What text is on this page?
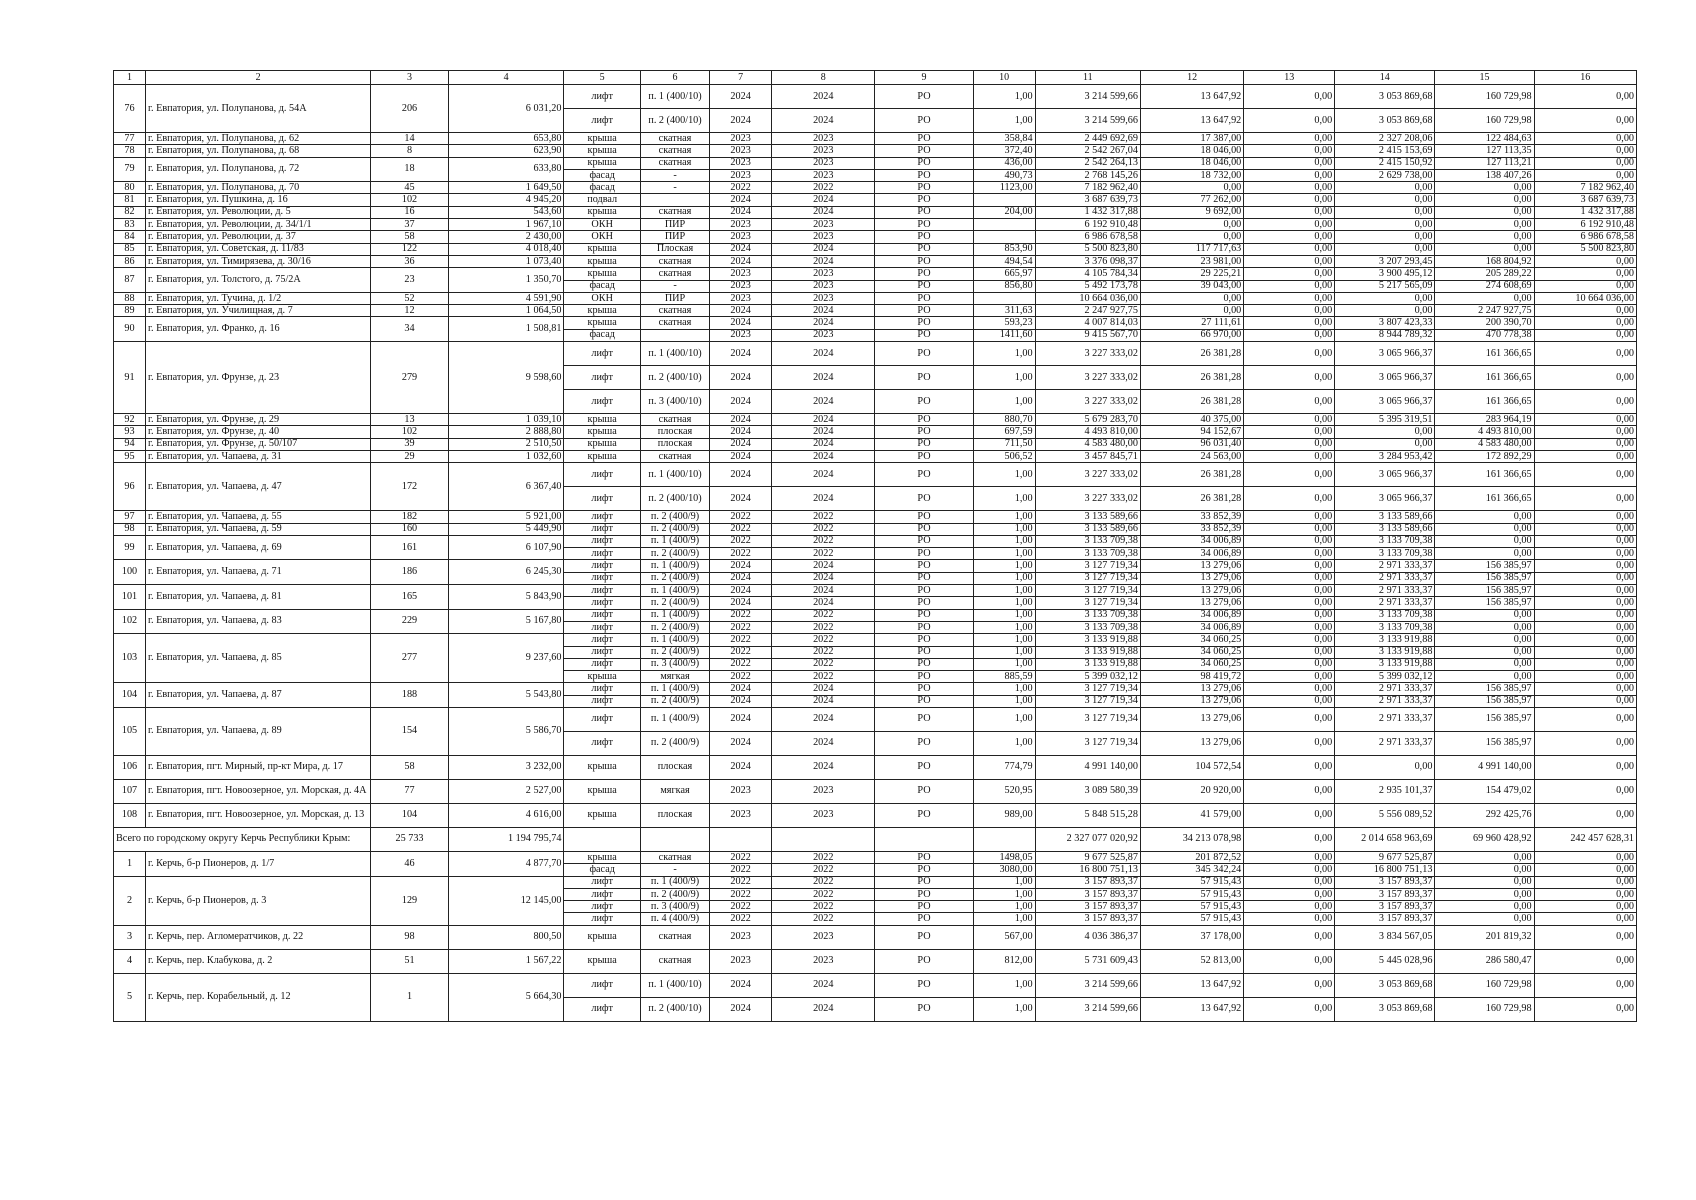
1	2	3	4	5	6	7	8	9	10	11	12	13	14	15	16
76	г. Евпатория, ул. Полупанова, д. 54А	206	6 031,20	лифт	п. 1 (400/10)	2024	2024	РО	1,00	3 214 599,66	13 647,92	0,00	3 053 869,68	160 729,98	0,00
				лифт	п. 2 (400/10)	2024	2024	РО	1,00	3 214 599,66	13 647,92	0,00	3 053 869,68	160 729,98	0,00
77	г. Евпатория, ул. Полупанова, д. 62	14	653,80	крыша	скатная	2023	2023	РО	358,84	2 449 692,69	17 387,00	0,00	2 327 208,06	122 484,63	0,00
78	г. Евпатория, ул. Полупанова, д. 68	8	623,90	крыша	скатная	2023	2023	РО	372,40	2 542 267,04	18 046,00	0,00	2 415 153,69	127 113,35	0,00
79	г. Евпатория, ул. Полупанова, д. 72	18	633,80	крыша	скатная	2023	2023	РО	436,00	2 542 264,13	18 046,00	0,00	2 415 150,92	127 113,21	0,00
				фасад	-	2023	2023	РО	490,73	2 768 145,26	18 732,00	0,00	2 629 738,00	138 407,26	0,00
80	г. Евпатория, ул. Полупанова, д. 70	45	1 649,50	фасад	-	2022	2022	РО	1123,00	7 182 962,40	0,00	0,00	0,00	0,00	7 182 962,40
81	г. Евпатория, ул. Пушкина, д. 16	102	4 945,20	подвал		2024	2024	РО		3 687 639,73	77 262,00	0,00	0,00	0,00	3 687 639,73
82	г. Евпатория, ул. Революции, д. 5	16	543,60	крыша	скатная	2024	2024	РО	204,00	1 432 317,88	9 692,00	0,00	0,00	0,00	1 432 317,88
83	г. Евпатория, ул. Революции, д. 34/1/1	37	1 967,10	ОКН	ПИР	2023	2023	РО		6 192 910,48	0,00	0,00	0,00	0,00	6 192 910,48
84	г. Евпатория, ул. Революции, д. 37	58	2 430,00	ОКН	ПИР	2023	2023	РО		6 986 678,58	0,00	0,00	0,00	0,00	6 986 678,58
85	г. Евпатория, ул. Советская, д. 11/83	122	4 018,40	крыша	Плоская	2024	2024	РО	853,90	5 500 823,80	117 717,63	0,00	0,00	0,00	5 500 823,80
86	г. Евпатория, ул. Тимирязева, д. 30/16	36	1 073,40	крыша	скатная	2024	2024	РО	494,54	3 376 098,37	23 981,00	0,00	3 207 293,45	168 804,92	0,00
87	г. Евпатория, ул. Толстого, д. 75/2А	23	1 350,70	крыша	скатная	2023	2023	РО	665,97	4 105 784,34	29 225,21	0,00	3 900 495,12	205 289,22	0,00
				фасад	-	2023	2023	РО	856,80	5 492 173,78	39 043,00	0,00	5 217 565,09	274 608,69	0,00
88	г. Евпатория, ул. Тучина, д. 1/2	52	4 591,90	ОКН	ПИР	2023	2023	РО		10 664 036,00	0,00	0,00	0,00	0,00	10 664 036,00
89	г. Евпатория, ул. Училищная, д. 7	12	1 064,50	крыша	скатная	2024	2024	РО	311,63	2 247 927,75	0,00	0,00	0,00	2 247 927,75	0,00
90	г. Евпатория, ул. Франко, д. 16	34	1 508,81	крыша	скатная	2024	2024	РО	593,23	4 007 814,03	27 111,61	0,00	3 807 423,33	200 390,70	0,00
				фасад		2023	2023	РО	1411,60	9 415 567,70	66 970,00	0,00	8 944 789,32	470 778,38	0,00
91	г. Евпатория, ул. Фрунзе, д. 23	279	9 598,60	лифт	п. 1 (400/10)	2024	2024	РО	1,00	3 227 333,02	26 381,28	0,00	3 065 966,37	161 366,65	0,00
				лифт	п. 2 (400/10)	2024	2024	РО	1,00	3 227 333,02	26 381,28	0,00	3 065 966,37	161 366,65	0,00
				лифт	п. 3 (400/10)	2024	2024	РО	1,00	3 227 333,02	26 381,28	0,00	3 065 966,37	161 366,65	0,00
92	г. Евпатория, ул. Фрунзе, д. 29	13	1 039,10	крыша	скатная	2024	2024	РО	880,70	5 679 283,70	40 375,00	0,00	5 395 319,51	283 964,19	0,00
93	г. Евпатория, ул. Фрунзе, д. 40	102	2 888,80	крыша	плоская	2024	2024	РО	697,59	4 493 810,00	94 152,67	0,00	0,00	4 493 810,00	0,00
94	г. Евпатория, ул. Фрунзе, д. 50/107	39	2 510,50	крыша	плоская	2024	2024	РО	711,50	4 583 480,00	96 031,40	0,00	0,00	4 583 480,00	0,00
95	г. Евпатория, ул. Чапаева, д. 31	29	1 032,60	крыша	скатная	2024	2024	РО	506,52	3 457 845,71	24 563,00	0,00	3 284 953,42	172 892,29	0,00
96	г. Евпатория, ул. Чапаева, д. 47	172	6 367,40	лифт	п. 1 (400/10)	2024	2024	РО	1,00	3 227 333,02	26 381,28	0,00	3 065 966,37	161 366,65	0,00
				лифт	п. 2 (400/10)	2024	2024	РО	1,00	3 227 333,02	26 381,28	0,00	3 065 966,37	161 366,65	0,00
97	г. Евпатория, ул. Чапаева, д. 55	182	5 921,00	лифт	п. 2 (400/9)	2022	2022	РО	1,00	3 133 589,66	33 852,39	0,00	3 133 589,66	0,00	0,00
98	г. Евпатория, ул. Чапаева, д. 59	160	5 449,90	лифт	п. 2 (400/9)	2022	2022	РО	1,00	3 133 589,66	33 852,39	0,00	3 133 589,66	0,00	0,00
99	г. Евпатория, ул. Чапаева, д. 69	161	6 107,90	лифт	п. 1 (400/9)	2022	2022	РО	1,00	3 133 709,38	34 006,89	0,00	3 133 709,38	0,00	0,00
				лифт	п. 2 (400/9)	2022	2022	РО	1,00	3 133 709,38	34 006,89	0,00	3 133 709,38	0,00	0,00
100	г. Евпатория, ул. Чапаева, д. 71	186	6 245,30	лифт	п. 1 (400/9)	2024	2024	РО	1,00	3 127 719,34	13 279,06	0,00	2 971 333,37	156 385,97	0,00
				лифт	п. 2 (400/9)	2024	2024	РО	1,00	3 127 719,34	13 279,06	0,00	2 971 333,37	156 385,97	0,00
101	г. Евпатория, ул. Чапаева, д. 81	165	5 843,90	лифт	п. 1 (400/9)	2024	2024	РО	1,00	3 127 719,34	13 279,06	0,00	2 971 333,37	156 385,97	0,00
				лифт	п. 2 (400/9)	2024	2024	РО	1,00	3 127 719,34	13 279,06	0,00	2 971 333,37	156 385,97	0,00
102	г. Евпатория, ул. Чапаева, д. 83	229	5 167,80	лифт	п. 1 (400/9)	2022	2022	РО	1,00	3 133 709,38	34 006,89	0,00	3 133 709,38	0,00	0,00
				лифт	п. 2 (400/9)	2022	2022	РО	1,00	3 133 709,38	34 006,89	0,00	3 133 709,38	0,00	0,00
103	г. Евпатория, ул. Чапаева, д. 85	277	9 237,60	лифт	п. 1 (400/9)	2022	2022	РО	1,00	3 133 919,88	34 060,25	0,00	3 133 919,88	0,00	0,00
				лифт	п. 2 (400/9)	2022	2022	РО	1,00	3 133 919,88	34 060,25	0,00	3 133 919,88	0,00	0,00
				лифт	п. 3 (400/9)	2022	2022	РО	1,00	3 133 919,88	34 060,25	0,00	3 133 919,88	0,00	0,00
				крыша	мягкая	2022	2022	РО	885,59	5 399 032,12	98 419,72	0,00	5 399 032,12	0,00	0,00
104	г. Евпатория, ул. Чапаева, д. 87	188	5 543,80	лифт	п. 1 (400/9)	2024	2024	РО	1,00	3 127 719,34	13 279,06	0,00	2 971 333,37	156 385,97	0,00
				лифт	п. 2 (400/9)	2024	2024	РО	1,00	3 127 719,34	13 279,06	0,00	2 971 333,37	156 385,97	0,00
105	г. Евпатория, ул. Чапаева, д. 89	154	5 586,70	лифт	п. 1 (400/9)	2024	2024	РО	1,00	3 127 719,34	13 279,06	0,00	2 971 333,37	156 385,97	0,00
				лифт	п. 2 (400/9)	2024	2024	РО	1,00	3 127 719,34	13 279,06	0,00	2 971 333,37	156 385,97	0,00
106	г. Евпатория, пгт. Мирный, пр-кт Мира, д. 17	58	3 232,00	крыша	плоская	2024	2024	РО	774,79	4 991 140,00	104 572,54	0,00	0,00	4 991 140,00	0,00
107	г. Евпатория, пгт. Новоозерное, ул. Морская, д. 4А	77	2 527,00	крыша	мягкая	2023	2023	РО	520,95	3 089 580,39	20 920,00	0,00	2 935 101,37	154 479,02	0,00
108	г. Евпатория, пгт. Новоозерное, ул. Морская, д. 13	104	4 616,00	крыша	плоская	2023	2023	РО	989,00	5 848 515,28	41 579,00	0,00	5 556 089,52	292 425,76	0,00
Всего по городскому округу Керчь Республики Крым:		25 733	1 194 795,74							2 327 077 020,92	34 213 078,98	0,00	2 014 658 963,69	69 960 428,92	242 457 628,31
1	г. Керчь, б-р Пионеров, д. 1/7	46	4 877,70	крыша	скатная	2022	2022	РО	1498,05	9 677 525,87	201 872,52	0,00	9 677 525,87	0,00	0,00
				фасад	-	2022	2022	РО	3080,00	16 800 751,13	345 342,24	0,00	16 800 751,13	0,00	0,00
2	г. Керчь, б-р Пионеров, д. 3	129	12 145,00	лифт	п. 1 (400/9)	2022	2022	РО	1,00	3 157 893,37	57 915,43	0,00	3 157 893,37	0,00	0,00
				лифт	п. 2 (400/9)	2022	2022	РО	1,00	3 157 893,37	57 915,43	0,00	3 157 893,37	0,00	0,00
				лифт	п. 3 (400/9)	2022	2022	РО	1,00	3 157 893,37	57 915,43	0,00	3 157 893,37	0,00	0,00
				лифт	п. 4 (400/9)	2022	2022	РО	1,00	3 157 893,37	57 915,43	0,00	3 157 893,37	0,00	0,00
3	г. Керчь, пер. Агломератчиков, д. 22	98	800,50	крыша	скатная	2023	2023	РО	567,00	4 036 386,37	37 178,00	0,00	3 834 567,05	201 819,32	0,00
4	г. Керчь, пер. Клабукова, д. 2	51	1 567,22	крыша	скатная	2023	2023	РО	812,00	5 731 609,43	52 813,00	0,00	5 445 028,96	286 580,47	0,00
5	г. Керчь, пер. Корабельный, д. 12	1	5 664,30	лифт	п. 1 (400/10)	2024	2024	РО	1,00	3 214 599,66	13 647,92	0,00	3 053 869,68	160 729,98	0,00
				лифт	п. 2 (400/10)	2024	2024	РО	1,00	3 214 599,66	13 647,92	0,00	3 053 869,68	160 729,98	0,00
